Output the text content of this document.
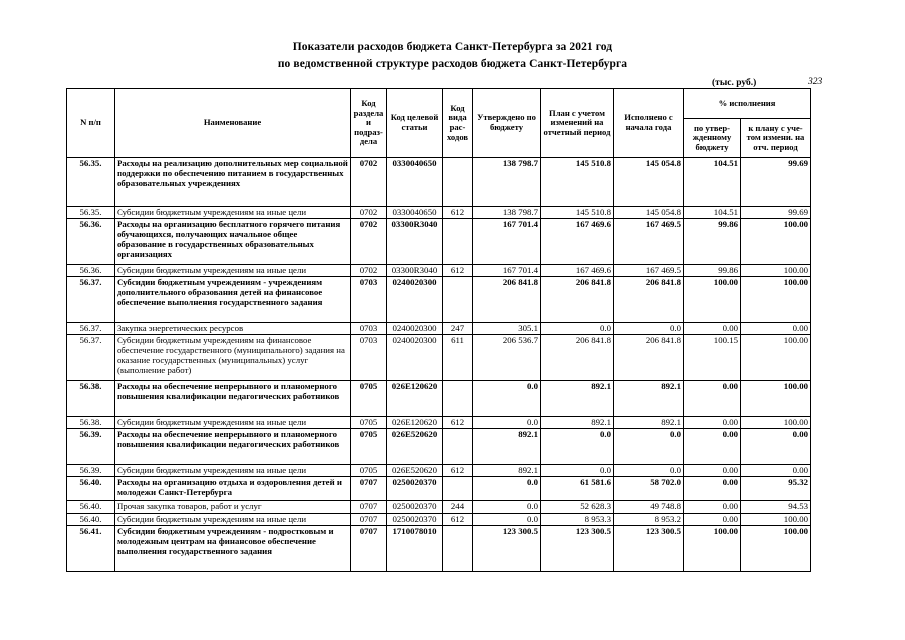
Показатели расходов бюджета Санкт-Петербурга за 2021 год
по ведомственной структуре расходов бюджета Санкт-Петербурга
(тыс. руб.)	323
N п/п	Наименование	Код раздела и подраз-дела	Код целевой статьи	Код вида рас-ходов	Утверждено по бюджету	План с учетом изменений на отчетный период	Исполнено с начала года	% исполнения	
								по утвер-жденному бюджету	к плану с уче-том измени. на отч. период
56.35.	Расходы на реализацию дополнительных мер социальной поддержки по обеспечению питанием в государственных образовательных учреждениях	0702	0330040650		138 798.7	145 510.8	145 054.8	104.51	99.69
56.35.	Субсидии бюджетным учреждениям на иные цели	0702	0330040650	612	138 798.7	145 510.8	145 054.8	104.51	99.69
56.36.	Расходы на организацию бесплатного горячего питания обучающихся, получающих начальное общее образование в государственных образовательных организациях	0702	03300R3040		167 701.4	167 469.6	167 469.5	99.86	100.00
56.36.	Субсидии бюджетным учреждениям на иные цели	0702	03300R3040	612	167 701.4	167 469.6	167 469.5	99.86	100.00
56.37.	Субсидии бюджетным учреждениям - учреждениям дополнительного образования детей на финансовое обеспечение выполнения государственного задания	0703	0240020300		206 841.8	206 841.8	206 841.8	100.00	100.00
56.37.	Закупка энергетических ресурсов	0703	0240020300	247	305.1	0.0	0.0	0.00	0.00
56.37.	Субсидии бюджетным учреждениям на финансовое обеспечение государственного (муниципального) задания на оказание государственных (муниципальных) услуг (выполнение работ)	0703	0240020300	611	206 536.7	206 841.8	206 841.8	100.15	100.00
56.38.	Расходы на обеспечение непрерывного и планомерного повышения квалификации педагогических работников	0705	026E120620		0.0	892.1	892.1	0.00	100.00
56.38.	Субсидии бюджетным учреждениям на иные цели	0705	026E120620	612	0.0	892.1	892.1	0.00	100.00
56.39.	Расходы на обеспечение непрерывного и планомерного повышения квалификации педагогических работников	0705	026E520620		892.1	0.0	0.0	0.00	0.00
56.39.	Субсидии бюджетным учреждениям на иные цели	0705	026E520620	612	892.1	0.0	0.0	0.00	0.00
56.40.	Расходы на организацию отдыха и оздоровления детей и молодежи Санкт-Петербурга	0707	0250020370		0.0	61 581.6	58 702.0	0.00	95.32
56.40.	Прочая закупка товаров, работ и услуг	0707	0250020370	244	0.0	52 628.3	49 748.8	0.00	94.53
56.40.	Субсидии бюджетным учреждениям на иные цели	0707	0250020370	612	0.0	8 953.3	8 953.2	0.00	100.00
56.41.	Субсидии бюджетным учреждениям - подростковым и молодежным центрам на финансовое обеспечение выполнения государственного задания	0707	1710078010		123 300.5	123 300.5	123 300.5	100.00	100.00
